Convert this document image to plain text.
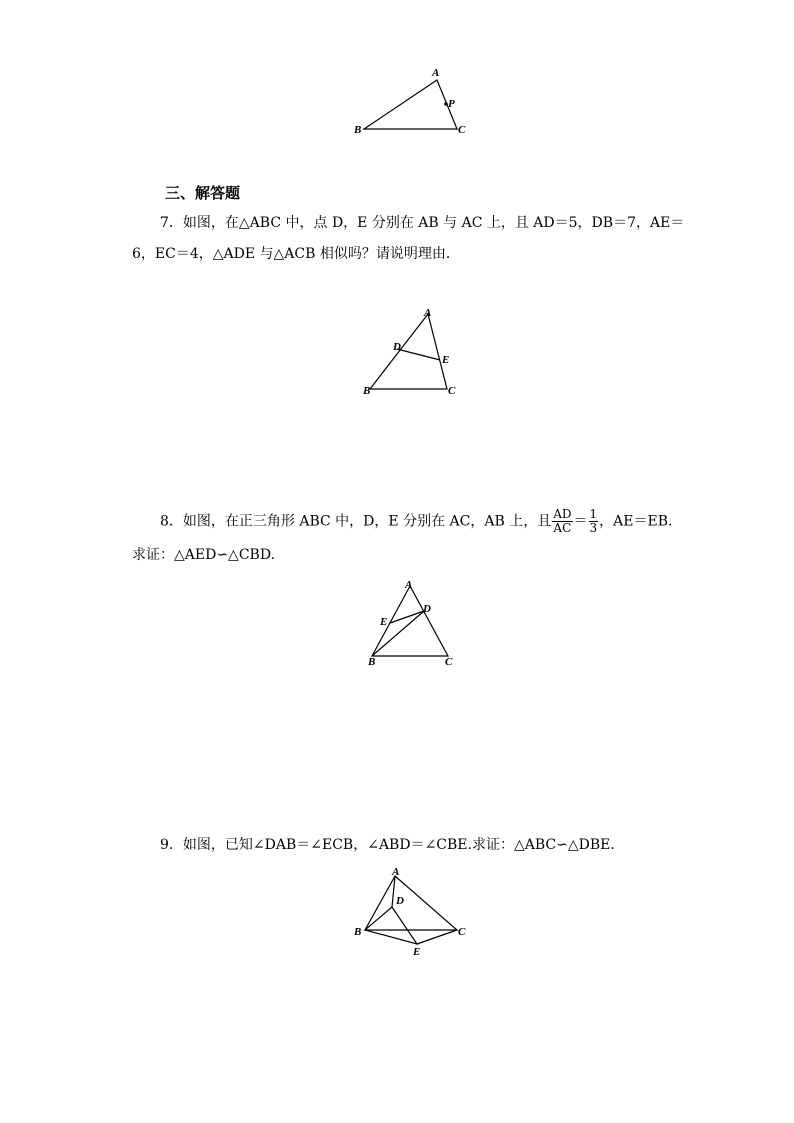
A
P
B	C
三、解答题
7．如图，在△ABC 中，点 D，E 分别在 AB 与 AC 上，且 AD＝5，DB＝7，AE＝
6，EC＝4，△ADE 与△ACB 相似吗？请说明理由．
A
D
E
B	C
8．如图，在正三角形 ABC 中，D，E 分别在 AC，AB 上，且 $\frac{AD}{AC} = \frac{1}{3}$ ，AE＝EB.
求证：△AED∽△CBD.
A
D
E
B	C
9．如图，已知∠DAB＝∠ECB，∠ABD＝∠CBE.求证：△ABC∽△DBE.
A
D
B	C
E
